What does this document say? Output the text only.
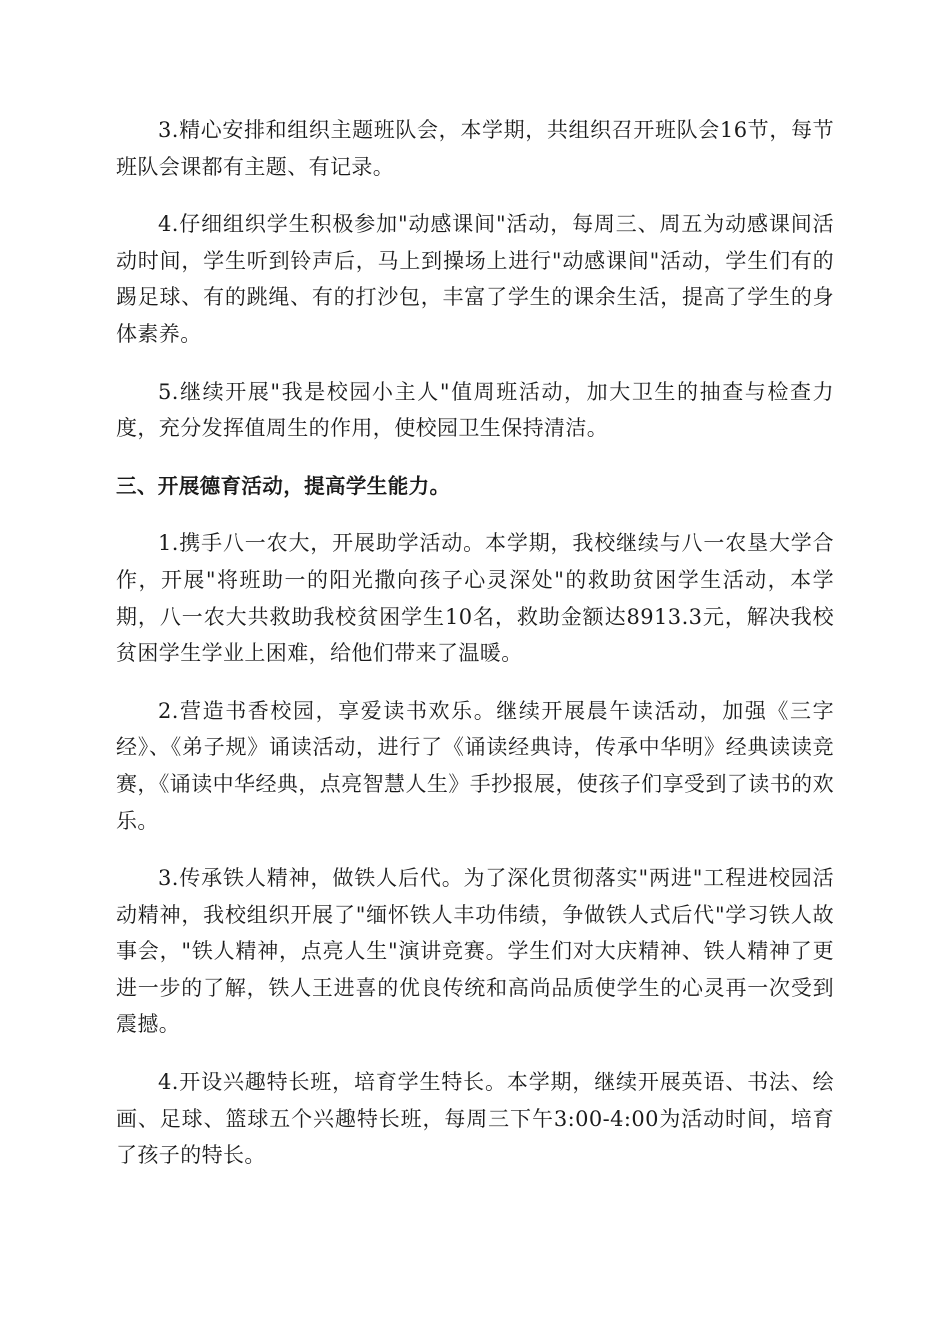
3.精心安排和组织主题班队会，本学期，共组织召开班队会16节，每节班队会课都有主题、有记录。

4.仔细组织学生积极参加"动感课间"活动，每周三、周五为动感课间活动时间，学生听到铃声后，马上到操场上进行"动感课间"活动，学生们有的踢足球、有的跳绳、有的打沙包，丰富了学生的课余生活，提高了学生的身体素养。

5.继续开展"我是校园小主人"值周班活动，加大卫生的抽查与检查力度，充分发挥值周生的作用，使校园卫生保持清洁。

三、开展德育活动，提高学生能力。

1.携手八一农大，开展助学活动。本学期，我校继续与八一农垦大学合作，开展"将班助一的阳光撒向孩子心灵深处"的救助贫困学生活动，本学期，八一农大共救助我校贫困学生10名，救助金额达8913.3元，解决我校贫困学生学业上困难，给他们带来了温暖。

2.营造书香校园，享爱读书欢乐。继续开展晨午读活动，加强《三字经》、《弟子规》诵读活动，进行了《诵读经典诗，传承中华明》经典读读竞赛，《诵读中华经典，点亮智慧人生》手抄报展，使孩子们享受到了读书的欢乐。

3.传承铁人精神，做铁人后代。为了深化贯彻落实"两进"工程进校园活动精神，我校组织开展了"缅怀铁人丰功伟绩，争做铁人式后代"学习铁人故事会，"铁人精神，点亮人生"演讲竞赛。学生们对大庆精神、铁人精神了更进一步的了解，铁人王进喜的优良传统和高尚品质使学生的心灵再一次受到震撼。

4.开设兴趣特长班，培育学生特长。本学期，继续开展英语、书法、绘画、足球、篮球五个兴趣特长班，每周三下午3:00-4:00为活动时间，培育了孩子的特长。
